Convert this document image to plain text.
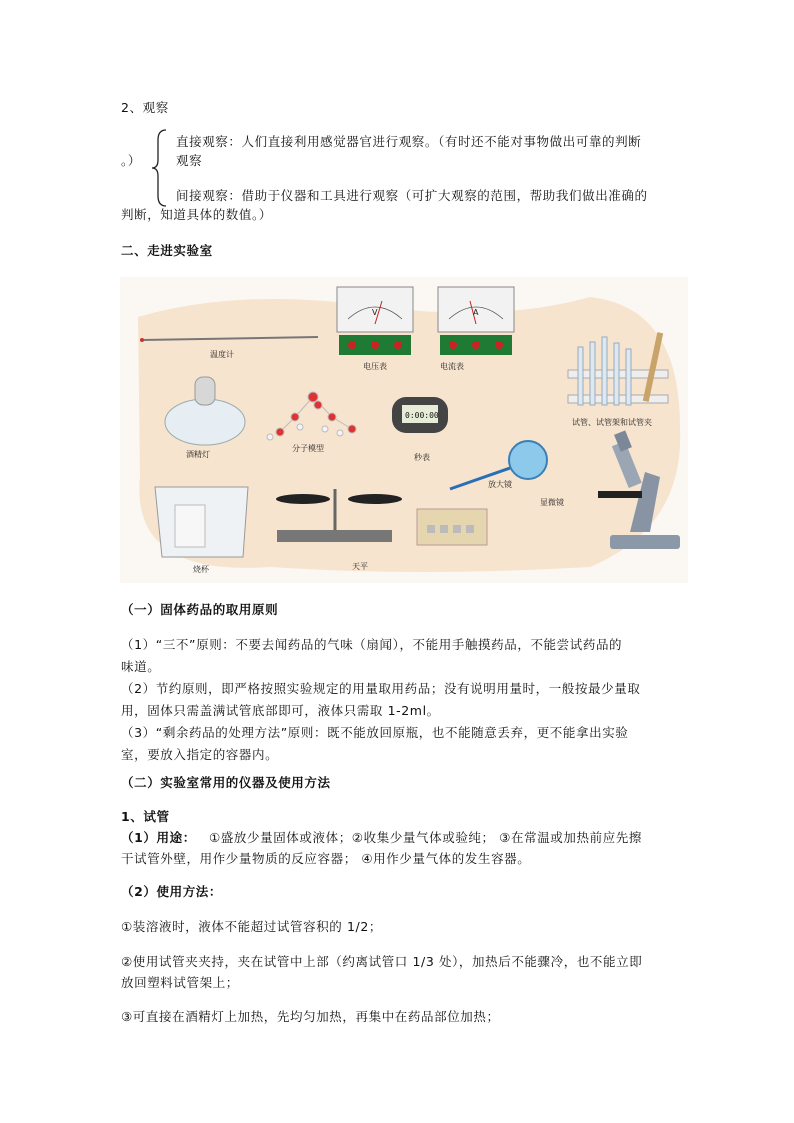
2、观察
直接观察：人们直接利用感觉器官进行观察。（有时还不能对事物做出可靠的判断
。）	观察
间接观察：借助于仪器和工具进行观察（可扩大观察的范围，帮助我们做出准确的
判断，知道具体的数值。）
二、走进实验室
温度计
V
电压表
A
电流表
试管、试管架和试管夹
酒精灯
分子模型
0:00:00
秒表
放大镜
显微镜
烧杯	天平
（一）固体药品的取用原则
（1）“三不”原则：不要去闻药品的气味（扇闻），不能用手触摸药品，不能尝试药品的
味道。
（2）节约原则，即严格按照实验规定的用量取用药品；没有说明用量时，一般按最少量取
用，固体只需盖满试管底部即可，液体只需取 1-2ml。
（3）“剩余药品的处理方法”原则：既不能放回原瓶，也不能随意丢弃，更不能拿出实验
室，要放入指定的容器内。
（二）实验室常用的仪器及使用方法
1、试管
（1）用途： ①盛放少量固体或液体；②收集少量气体或验纯； ③在常温或加热前应先擦
干试管外壁，用作少量物质的反应容器； ④用作少量气体的发生容器。
（2）使用方法：
①装溶液时，液体不能超过试管容积的 1/2；
②使用试管夹夹持，夹在试管中上部（约离试管口 1/3 处），加热后不能骤冷，也不能立即
放回塑料试管架上；
③可直接在酒精灯上加热，先均匀加热，再集中在药品部位加热；
